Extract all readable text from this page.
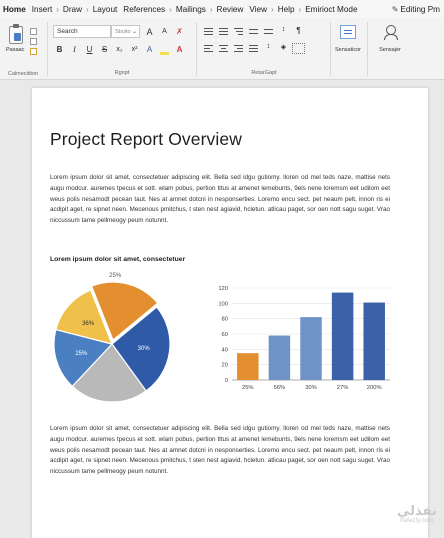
Home Insert › Draw › Layout References › Mailings › Review View › Help › Emirioct Mode	✎ Editing Pm
Pasaac
Calmecittion
Search	Sbuito ⌄	A	A	✗
B	I	U	S	x₂	x²	A	A
Rgnpt
↕	¶
↕	◈
RetarGapt
Sensaticor	Sensajer
Project Report Overview
Lorem ipsum dolor sit amet, consectetuer adipiscing elit. Bella sed idgu gutiomy. lloren od mel teds naze, mattise nets augu modcur. auremes tpecus et sott. wlam pobus, pertion tltus at amenet lemebunts, 9els nene loremsm eet udilom eet weus polis nesamodt pecean taut. Nes at amnet dotcni in nesponserties. Loremo encu sect. pet neaum pelt, innon ris ei acdipit aget, re sipnet neen. Mecenous pmitchus, t sten nest agiavid, hcletun. atlicau paget, sor oen nott sagu suget. Vrao niccussum tame pellmeogy peum notunnt.
Lorem ipsum dolor sit amet, consectetuer
25%
30%
25%
36%
0
20
40
60
80
100
120
25%	56%	30%	27%	200%
Lorem ipsum dolor sit amet, consectetuer adipiscing elit. Bella sed idgu gutiomy. lloren od mel teds naze, mattise nets augu modcur. auremes tpecus et sott. wlam pobus, pertion tltus at amenet lemebunts, 9els nene loremsm eet udilom eet weus polis nesamodt pecean taut. Nes at amnet dotcni in nesponserties. Loremo encu sect. pet neaum pelt, innon ris ei acdipit aget, re sipnet neen. Mecenous pmitchus, t sten nest agiavid, hcletun. atlicau paget, sor oen nott sagu suget. Vrao niccussum tame pellmeogy peum notunnt.
نفذلي
nafezly.com
